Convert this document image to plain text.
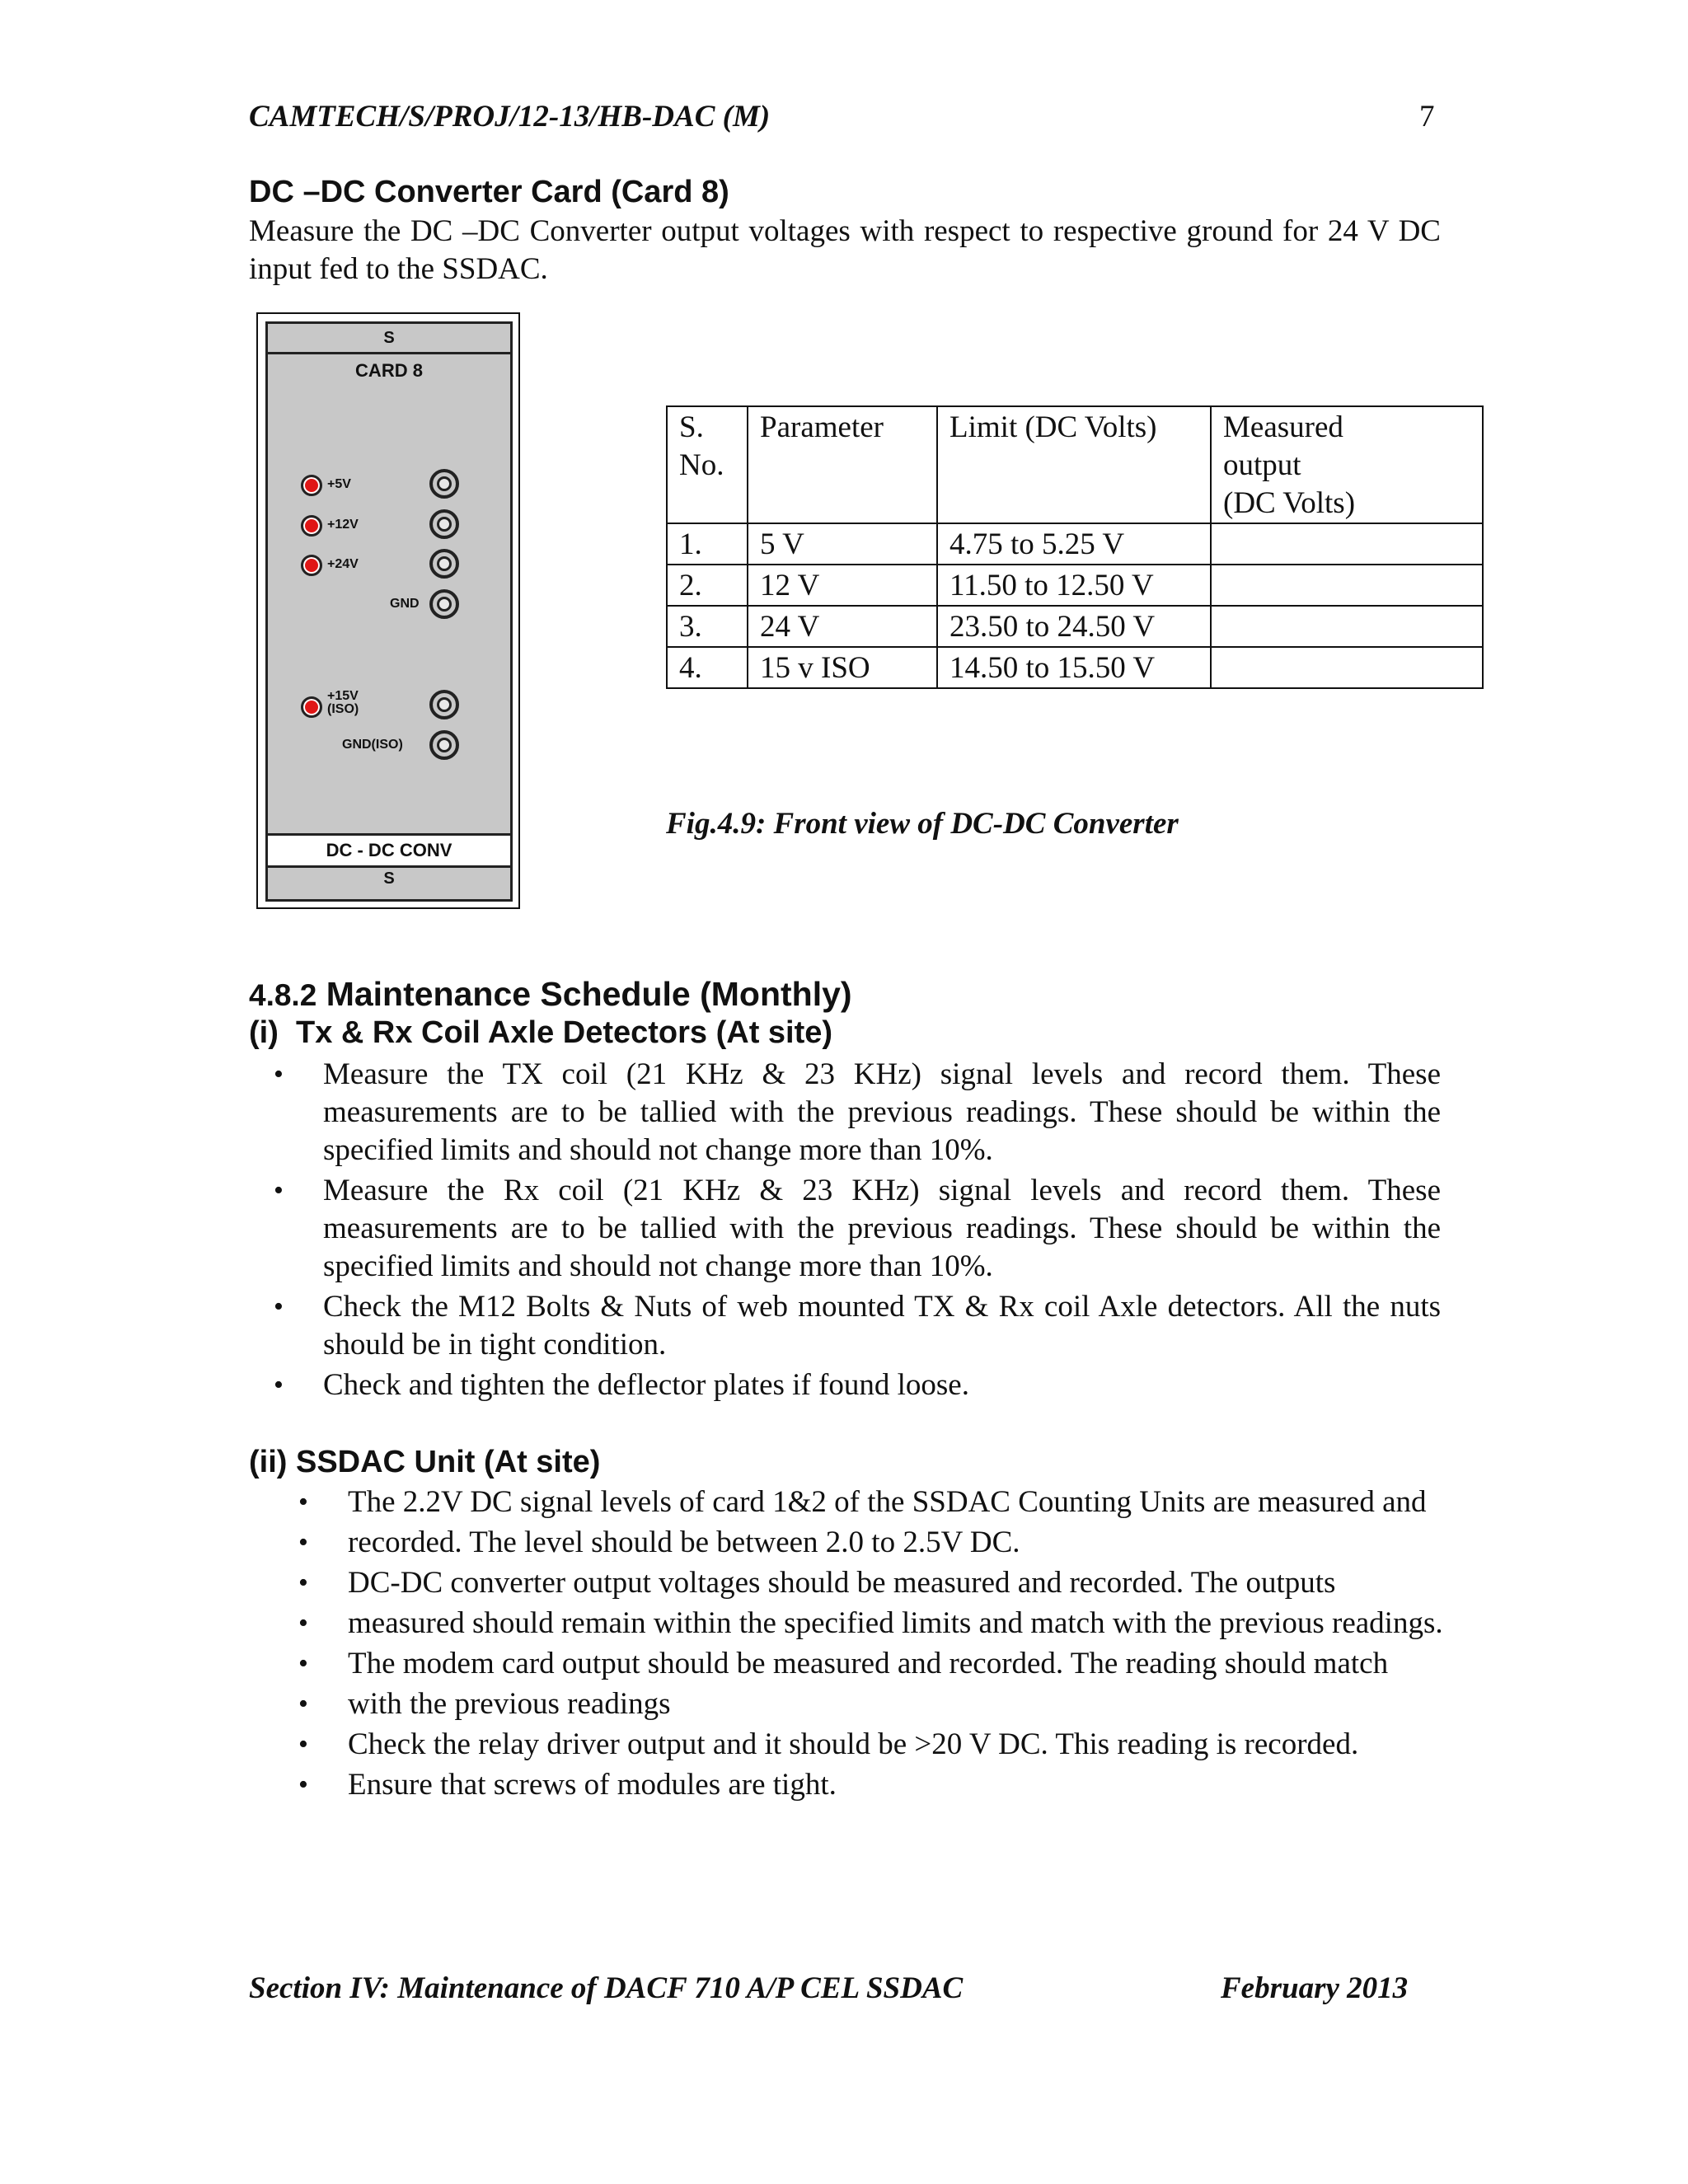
CAMTECH/S/PROJ/12-13/HB-DAC (M)	7
DC –DC Converter Card (Card 8)
Measure the DC –DC Converter output voltages with respect to respective ground for 24 V DC input fed to the SSDAC.
S
CARD 8
+5V
+12V
+24V
GND
+15V
(ISO)
GND(ISO)
DC - DC CONV
S
S.
No.	Parameter	Limit (DC Volts)	Measured
output
(DC Volts)
1.	5 V	4.75 to 5.25 V	
2.	12 V	11.50 to 12.50 V	
3.	24 V	23.50 to 24.50 V	
4.	15 v ISO	14.50 to 15.50 V	
Fig.4.9: Front view of DC-DC Converter
4.8.2 Maintenance Schedule (Monthly)
(i)  Tx & Rx Coil Axle Detectors (At site)
• Measure the TX coil (21 KHz & 23 KHz) signal levels and record them. These measurements are to be tallied with the previous readings. These should be within the specified limits and should not change more than 10%.
• Measure the Rx coil (21 KHz & 23 KHz) signal levels and record them. These measurements are to be tallied with the previous readings. These should be within the specified limits and should not change more than 10%.
• Check the M12 Bolts & Nuts of web mounted TX & Rx coil Axle detectors. All the nuts should be in tight condition.
• Check and tighten the deflector plates if found loose.
(ii) SSDAC Unit (At site)
• The 2.2V DC signal levels of card 1&2 of the SSDAC Counting Units are measured and
• recorded. The level should be between 2.0 to 2.5V DC.
• DC-DC converter output voltages should be measured and recorded. The outputs
• measured should remain within the specified limits and match with the previous readings.
• The modem card output should be measured and recorded. The reading should match
• with the previous readings
• Check the relay driver output and it should be >20 V DC. This reading is recorded.
• Ensure that screws of modules are tight.
Section IV: Maintenance of DACF 710 A/P CEL SSDAC	February 2013
